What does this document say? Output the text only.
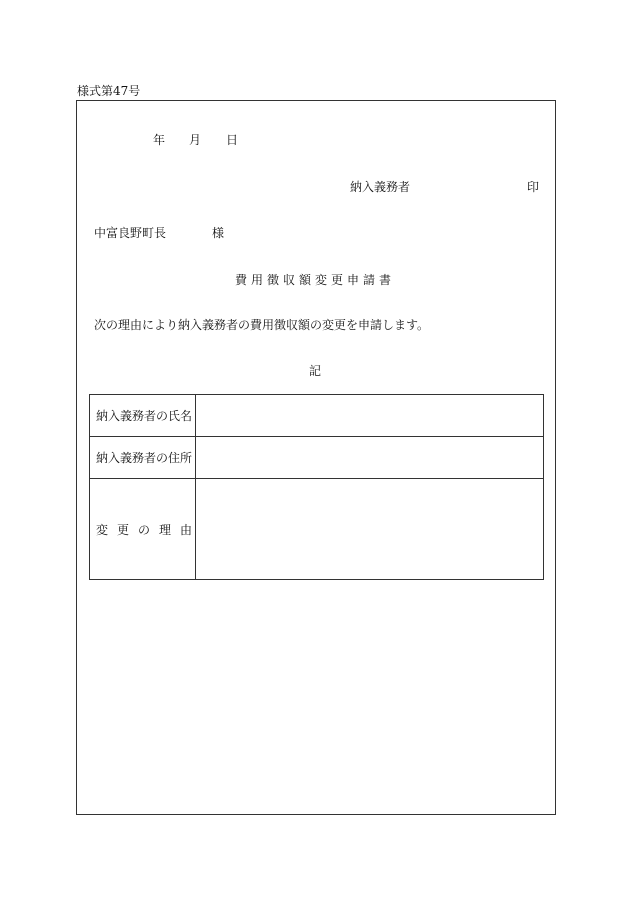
様式第47号
年 月 日
納入義務者	印
中富良野町長	様
費用徴収額変更申請書
次の理由により納入義務者の費用徴収額の変更を申請します。
記
納入義務者の氏名	
納入義務者の住所	
変更の理由	
